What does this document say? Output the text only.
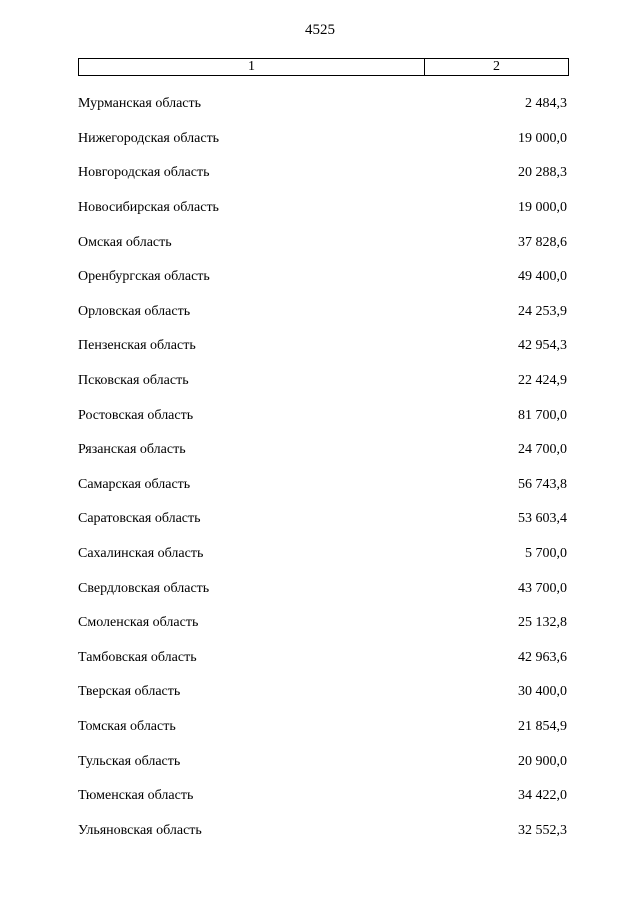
4525
1	2
Мурманская область	2 484,3
Нижегородская область	19 000,0
Новгородская область	20 288,3
Новосибирская область	19 000,0
Омская область	37 828,6
Оренбургская область	49 400,0
Орловская область	24 253,9
Пензенская область	42 954,3
Псковская область	22 424,9
Ростовская область	81 700,0
Рязанская область	24 700,0
Самарская область	56 743,8
Саратовская область	53 603,4
Сахалинская область	5 700,0
Свердловская область	43 700,0
Смоленская область	25 132,8
Тамбовская область	42 963,6
Тверская область	30 400,0
Томская область	21 854,9
Тульская область	20 900,0
Тюменская область	34 422,0
Ульяновская область	32 552,3
